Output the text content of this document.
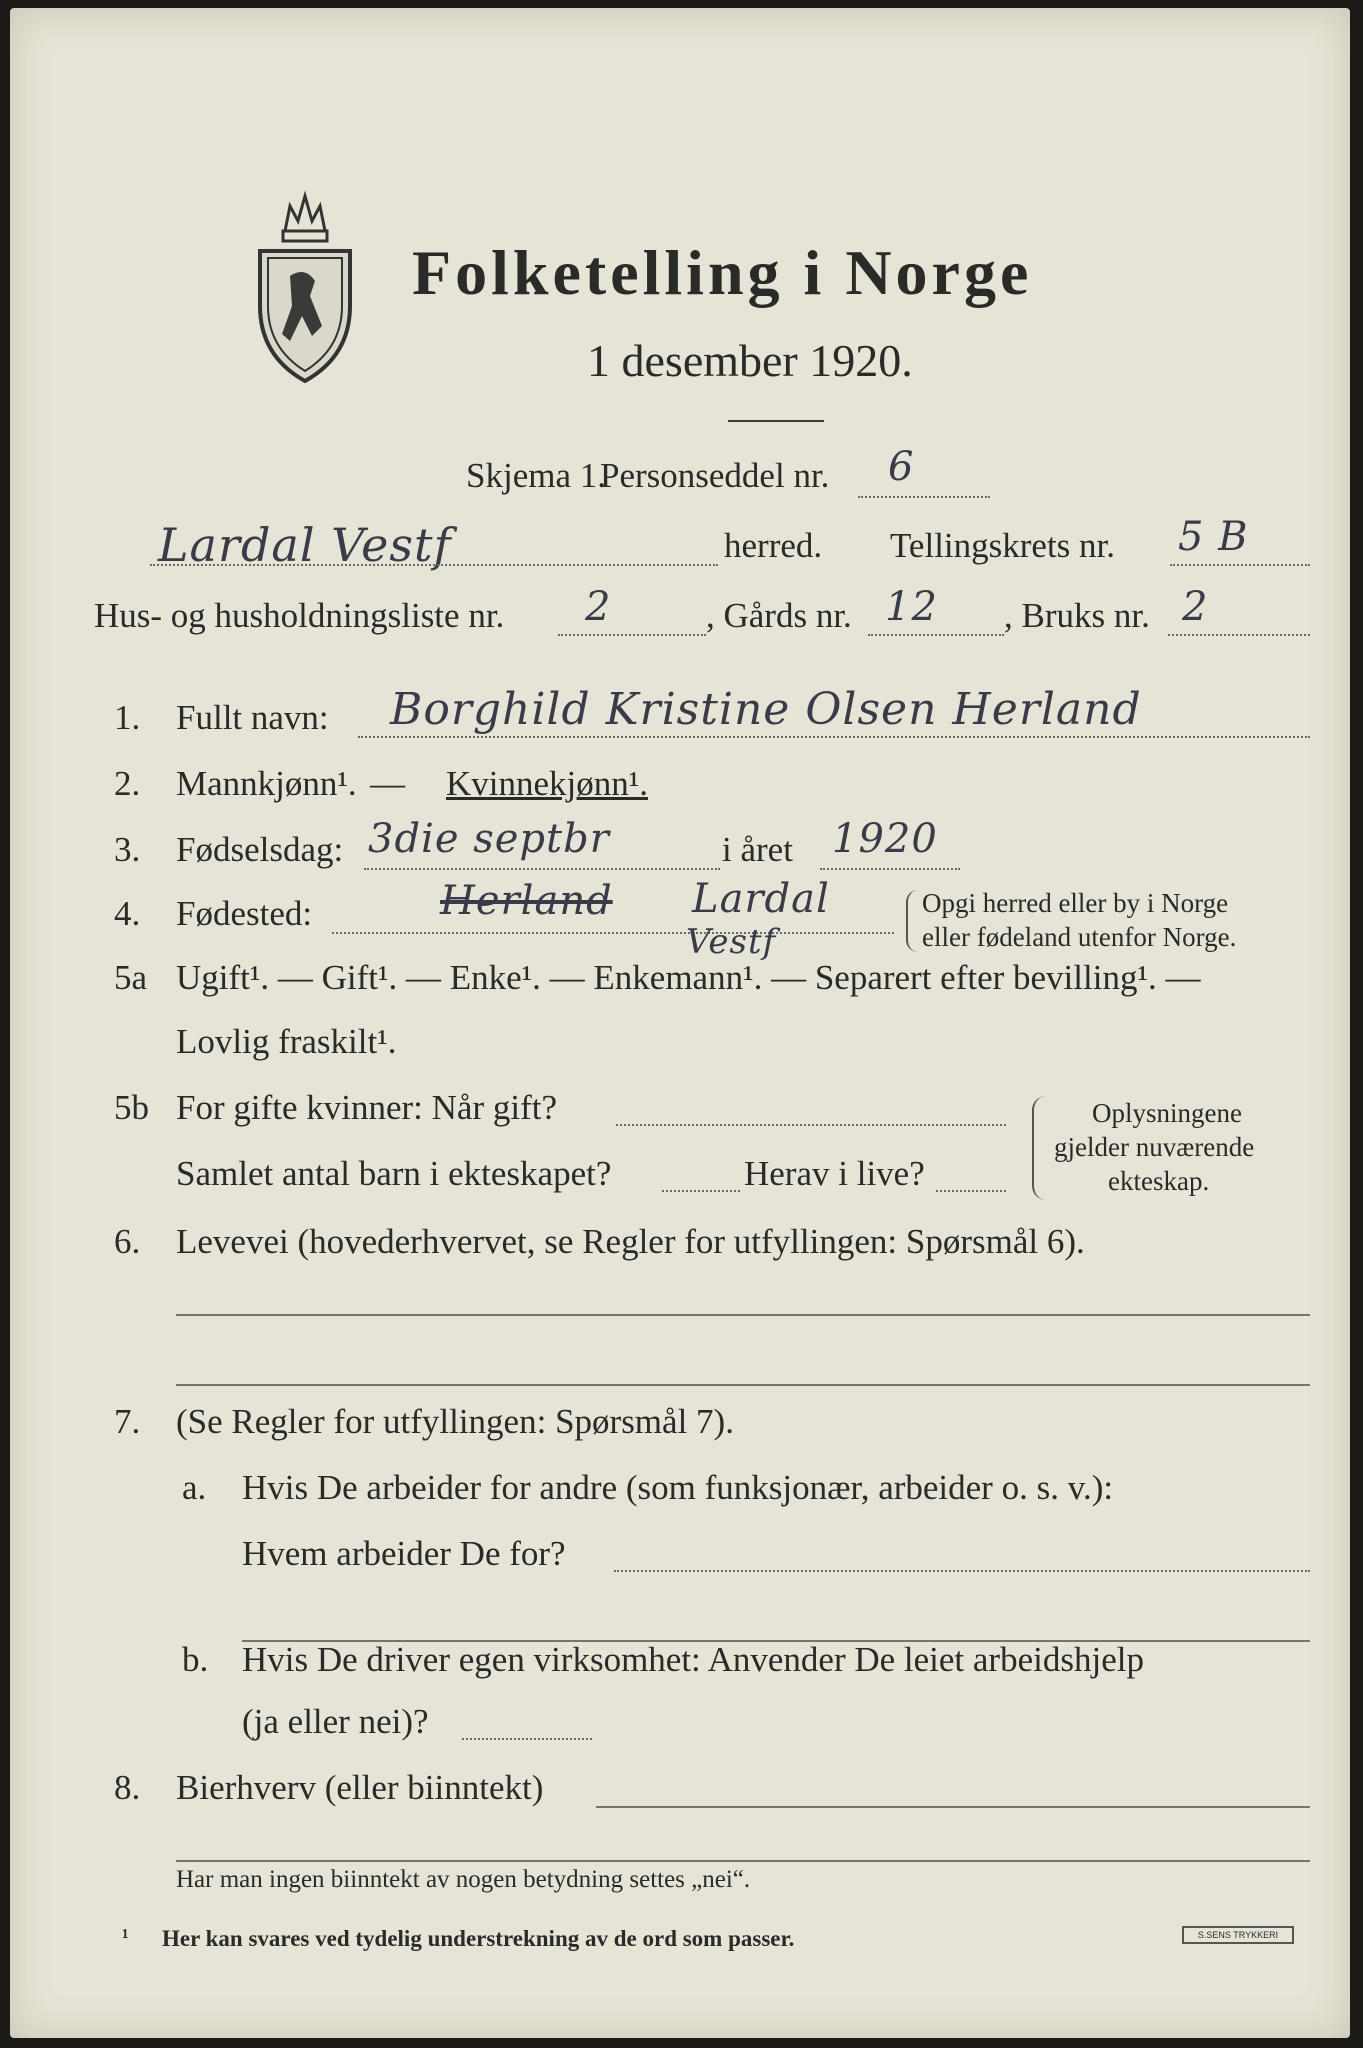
Folketelling i Norge
1 desember 1920.
Skjema 1.
Personseddel nr. 6
Lardal Vestf	herred. Tellingskrets nr. 5 B
Hus- og husholdningsliste nr. 2	, Gårds nr. 12 , Bruks nr. 2
1. Fullt navn: Borghild Kristine Olsen Herland
2. Mannkjønn¹. — Kvinnekjønn¹.
3. Fødselsdag: 3die septbr	i året 1920
4. Fødested:	Herland Lardal
Vestf
Opgi herred eller by i Norge
eller fødeland utenfor Norge.
5a Ugift¹. — Gift¹. — Enke¹. — Enkemann¹. — Separert efter bevilling¹. —
Lovlig fraskilt¹.
5b For gifte kvinner: Når gift?
Samlet antal barn i ekteskapet?	Herav i live?
Oplysningene
gjelder nuværende
ekteskap.
6. Levevei (hovederhvervet, se Regler for utfyllingen: Spørsmål 6).
7. (Se Regler for utfyllingen: Spørsmål 7).
a. Hvis De arbeider for andre (som funksjonær, arbeider o. s. v.):
Hvem arbeider De for?
b. Hvis De driver egen virksomhet: Anvender De leiet arbeidshjelp
(ja eller nei)?
8. Bierhverv (eller biinntekt)
Har man ingen biinntekt av nogen betydning settes „nei“.
¹ Her kan svares ved tydelig understrekning av de ord som passer.	S.SENS TRYKKERI
